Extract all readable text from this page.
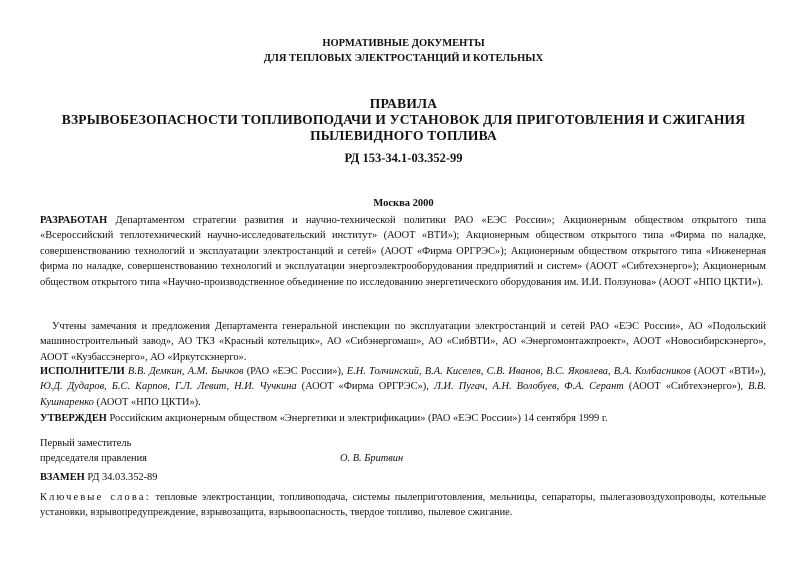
НОРМАТИВНЫЕ ДОКУМЕНТЫ
ДЛЯ ТЕПЛОВЫХ ЭЛЕКТРОСТАНЦИЙ И КОТЕЛЬНЫХ
ПРАВИЛА
ВЗРЫВОБЕЗОПАСНОСТИ ТОПЛИВОПОДАЧИ И УСТАНОВОК ДЛЯ ПРИГОТОВЛЕНИЯ И СЖИГАНИЯ
ПЫЛЕВИДНОГО ТОПЛИВА
РД 153-34.1-03.352-99
Москва 2000
РАЗРАБОТАН Департаментом стратегии развития и научно-технической политики РАО «ЕЭС России»; Акционерным обществом открытого типа «Всероссийский теплотехнический научно-исследовательский институт» (АООТ «ВТИ»); Акционерным обществом открытого типа «Фирма по наладке, совершенствованию технологий и эксплуатации электростанций и сетей» (АООТ «Фирма ОРГРЭС»); Акционерным обществом открытого типа «Инженерная фирма по наладке, совершенствованию технологий и эксплуатации энергоэлектрооборудования предприятий и систем» (АООТ «Сибтехэнерго»); Акционерным обществом открытого типа «Научно-производственное объединение по исследованию энергетического оборудования им. И.И. Ползунова» (АООТ «НПО ЦКТИ»).
Учтены замечания и предложения Департамента генеральной инспекции по эксплуатации электростанций и сетей РАО «ЕЭС России», АО «Подольский машиностроительный завод», АО ТКЗ «Красный котельщик», АО «Сибэнергомаш», АО «СибВТИ», АО «Энергомонтажпроект», АООТ «Новосибирскэнерго», АООТ «Кузбассэнерго», АО «Иркутскэнерго».
ИСПОЛНИТЕЛИ В.В. Демкин, А.М. Бычков (РАО «ЕЭС России»), Е.Н. Толчинский, В.А. Киселев, С.В. Иванов, В.С. Яковлева, В.А. Колбасников (АООТ «ВТИ»), Ю.Д. Дударов, Б.С. Карпов, Г.Л. Левит, Н.И. Чучкина (АООТ «Фирма ОРГРЭС»), Л.И. Пугач, А.Н. Волобуев, Ф.А. Серант (АООТ «Сибтехэнерго»), В.В. Кушнаренко (АООТ «НПО ЦКТИ»).
УТВЕРЖДЕН Российским акционерным обществом «Энергетики и электрификации» (РАО «ЕЭС России») 14 сентября 1999 г.
Первый заместитель
председателя правления	О. В. Бритвин
ВЗАМЕН РД 34.03.352-89
Ключевые слова: тепловые электростанции, топливоподача, системы пылеприготовления, мельницы, сепараторы, пылегазовоздухопроводы, котельные установки, взрывопредупреждение, взрывозащита, взрывоопасность, твердое топливо, пылевое сжигание.
